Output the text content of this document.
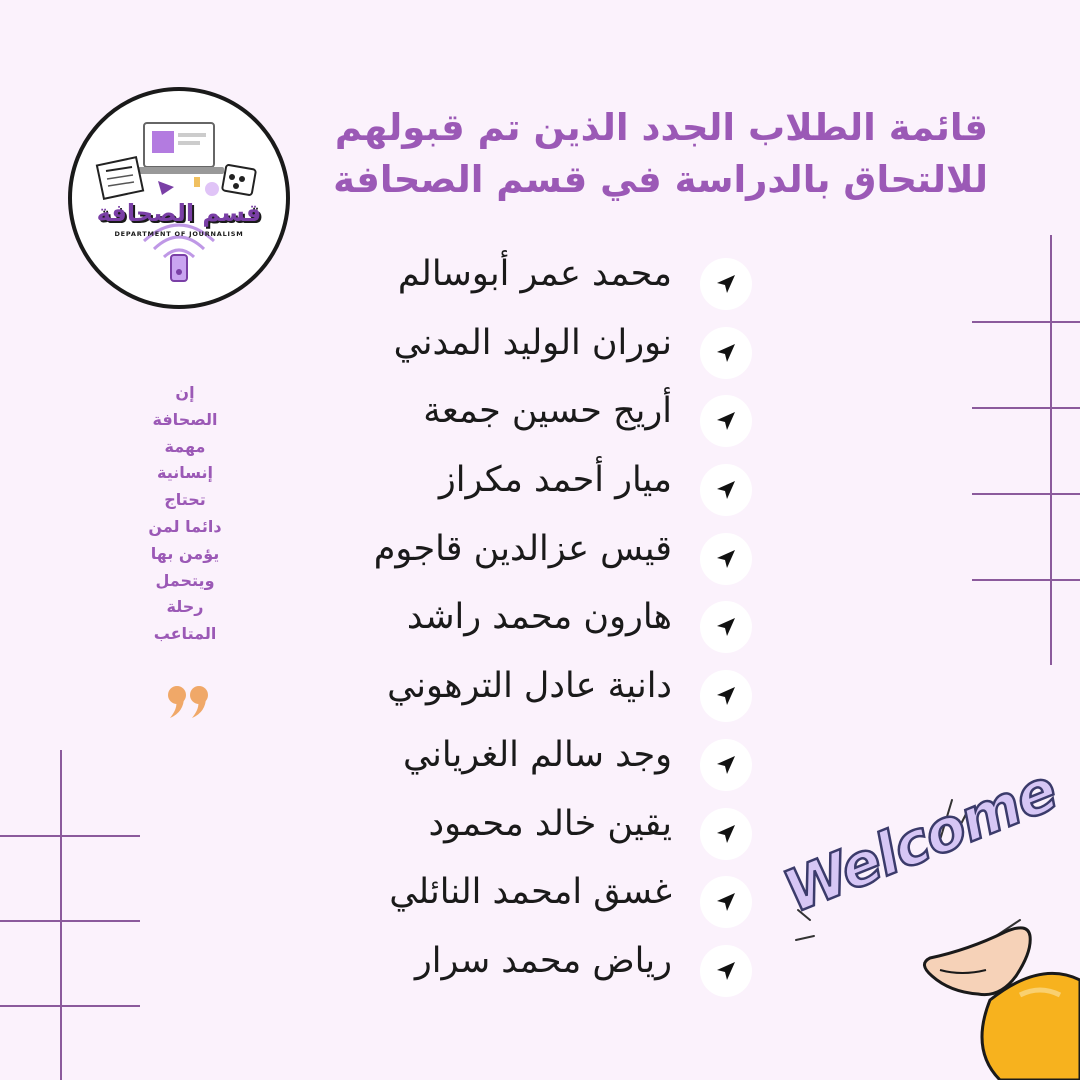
قسم الصحافة
DEPARTMENT OF JOURNALISM
قائمة الطلاب الجدد الذين تم قبولهم
للالتحاق بالدراسة في قسم الصحافة
محمد عمر أبوسالم
نوران الوليد المدني
أريج حسين جمعة
ميار أحمد مكراز
قيس عزالدين قاجوم
هارون محمد راشد
دانية عادل الترهوني
وجد سالم الغرياني
يقين خالد محمود
غسق امحمد النائلي
رياض محمد سرار
إن
الصحافة
مهمة
إنسانية
تحتاج
دائما لمن
يؤمن بها
ويتحمل
رحلة
المتاعب
Welcome
